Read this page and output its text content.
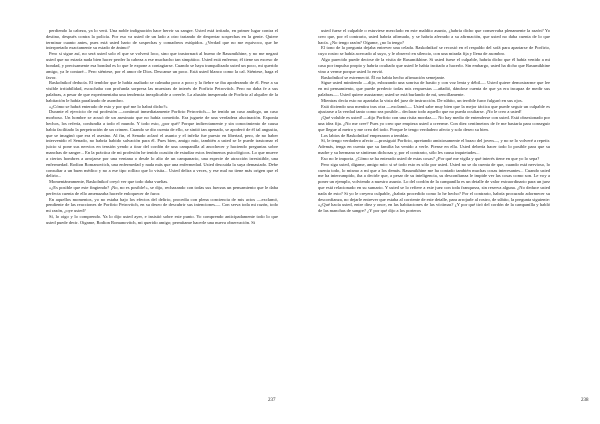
perdiendo la cabeza, ya lo verá. Una noble indignación hace hervir su sangre. Usted está irritado, en primer lugar contra el destino, después contra la policía. Por eso va usted de un lado a otro tratando de despertar sospechas en la gente. Quiere terminar cuanto antes, pues está usted harto de sospechas y comadreos estúpidos. ¿Verdad que no me equivoco, que he interpretado exactamente su estado de ánimo?

Pero si sigue así, no será usted solo el que se volverá loco, sino que trastornará al bueno de Rasumikhine, y no me negará usted que no estaría nada bien hacer perder la cabeza a ese muchacho tan simpático. Usted está enfermo; él tiene un exceso de bondad, y precisamente esa bondad es lo que le expone a contagiarse. Cuando se haya tranquilizado usted un poco, mi querido amigo, ya le contaré... Pero siéntese, por el amor de Dios. Descanse un poco. Está usted blanco como la cal. Siéntese, haga el favor.

Raskolnikof deducía. El temblor que le había asaltado se calmaba poco a poco y la fiebre se iba apoderando de él. Pese a su visible irritabilidad, escuchaba con profunda sorpresa las muestras de interés de Porfirio Petrovitch. Pero no daba fe a sus palabras, a pesar de que experimentaba una tendencia inexplicable a creerle. La alusión inesperada de Porfirio al alquiler de la habitación le había paralizado de asombro.

«¿Cómo se habrá enterado de esto y por qué me lo habrá dicho?»

Durante el ejercicio de mi profesión —continuó inmediatamente Porfirio Petrovitch— he tenido un caso análogo, un caso morboso. Un hombre se acusó de un asesinato que no había cometido. Era juguete de una verdadera alucinación. Exponía hechos, los refería, confundía a todo el mundo. Y todo esto, ¿por qué? Porque indirectamente y sin conocimiento de causa había facilitado la perpetración de un crimen. Cuando se dio cuenta de ello, se sintió tan apenado, se apoderó de él tal angustia, que se imaginó que era el asesino. Al fin, el Senado aclaró el asunto y el infeliz fue puesto en libertad, pero, de no haber intervenido el Senado, no habría habido salvación para él. Pues bien, amigo mío, también a usted se le puede trastornar el juicio si pone sus nervios en tensión yendo a tirar del cordón de una campanilla al anochecer y haciendo preguntas sobre manchas de sangre... En la práctica de mi profesión he tenido ocasión de estudiar estos fenómenos psicológicos. Lo que mueve a ciertos hombres a arrojarse por una ventana o desde lo alto de un campanario, una especie de atracción irresistible, una enfermedad. Rodion Romanovitch, una enfermedad y nada más que una enfermedad. Usted descuida la suya demasiado. Debe consultar a un buen médico y no a ese tipo rollizo que lo visita... Usted delira a veces, y ese mal no tiene más origen que el delirio...

Momentáneamente, Raskolnikof creyó ver que todo daba vueltas.

«¿Es posible que este fingiendo? ¡No, no es posible!», se dijo, rechazando con todas sus fuerzas un pensamiento que le daba perfecta cuenta de ello amenazaba hacerle enloquecer de furor.

En aquellos momentos, yo no estaba bajo los efectos del delirio, procedía con plena conciencia de mis actos —exclamó, pendiente de las reacciones de Porfirio Petrovitch, en su deseo de descubrir sus intenciones—. Con serva toda mi razón, todo mi razón, ¿oye usted?

Sí, lo oigo y lo comprendo. Ya lo dijo usted ayer, e insistió sobre este punto. Yo comprendo anticipadamente todo lo que usted puede decir. Oigame, Rodion Romanovitch, mi querido amigo; permítame hacerle una nueva observación. Si

237

usted fuese el culpable o estuviese mezclado en este maldito asunto, ¿habría dicho que conservaba plenamente la razón? Yo creo que, por el contrario, usted habría afirmado, y se habría aferrado a su afirmación, que usted no daba cuenta de lo que hacía. ¿No tengo razón? Oígame, ¿no la tengo?

El tono de la pregunta dejaba entrever una celada. Raskolnikof se recostó en el respaldo del sofá para apartarse de Porfirio, cuyo rostro se había acercado al suyo, y le observó en silencio, con una mirada fija y llena de asombro.

Algo parecido puede decirse de la visita de Rasumikhine. Si usted fuese el culpable, habría dicho que él había venido a mi casa por impulso propio y habría ocultado que usted le había incitado a hacerlo. Sin embargo, usted ha dicho que Rasumikhine vino a verme porque usted lo envió.

Raskolnikof se estremeció. Él no había hecho afirmación semejante.

Sigue usted mintiendo —dijo, esbozando una sonrisa de hastío y con voz lenta y débil—. Usted quiere demostrarme que lee en mi pensamiento, que puede predecir todas mis respuestas —añadió, dándose cuenta de que ya era incapaz de medir sus palabras—. Usted quiere asustarme; usted se está burlando de mí, sencillamente.

Mientras decía esto no apartaba la vista del juez de instrucción. De súbito, un terrible furor fulguró en sus ojos.

Está diciendo una mentira tras otra —exclamó—. Usted sabe muy bien que la mejor táctica que puede seguir un culpable es ajustarse a la verdad tanto como sea posible... declarar todo aquello que no pueda ocultarse. ¡No le creo a usted!

¡Qué voluble es usted! —dijo Porfirio con una risita mordaz—. No hay medio de entenderse con usted. Está obsesionado por una idea fija. ¿No me cree? Pues yo creo que empieza usted a creerme. Con diez centímetros de fe me bastaría para conseguir que llegue al metro y me crea del todo. Porque le tengo verdadero afecto y solo deseo su bien.

Los labios de Raskolnikof empezaron a temblar.

Sí, le tengo verdadero afecto —prosiguió Porfirio, apretando amistosamente el brazo del joven—, y no se lo volveré a repetir. Además, tenga en cuenta que su familia ha venido a verle. Piense en ella. Usted debería hacer todo lo posible para que su madre y su hermana se sintieran dichosas y, por el contrario, sólo les causa inquietudes...

Eso no le importa. ¿Cómo se ha enterado usted de estas cosas? ¿Por qué me vigila y qué interés tiene en que yo lo sepa?

Pero siga usted, dígame, amigo mío: si sé todo esto es sólo por usted. Usted no se da cuenta de que, cuando está nervioso, lo cuenta todo, lo mismo a mí que a los demás. Rasumikhine me ha contado también muchas cosas interesantes... Cuando usted me ha interrumpido, iba a decirle que, a pesar de su inteligencia, su desconfianza le impide ver las cosas como son. Le voy a poner un ejemplo, volviendo a nuestro asunto. Lo del cordón de la campanilla es un detalle de valor extraordinario para un juez que está relacionado en su sumario. Y usted se lo refiere a este juez con toda franqueza, sin reserva alguna. ¿No deduce usted nada de esto? Si yo le creyera culpable, ¿habría procedido como lo he hecho? Por el contrario, habría procurado adormecer su desconfianza, no dejarle entrever que estaba al corriente de este detalle, para arrojarle al rostro, de súbito, la pregunta siguiente: «¿Qué hacía usted, entre diez y once, en las habitaciones de las víctimas? ¿Y por qué tiró del cordón de la campanilla y habló de las manchas de sangre? ¿Y por qué dijo a los porteros

238
